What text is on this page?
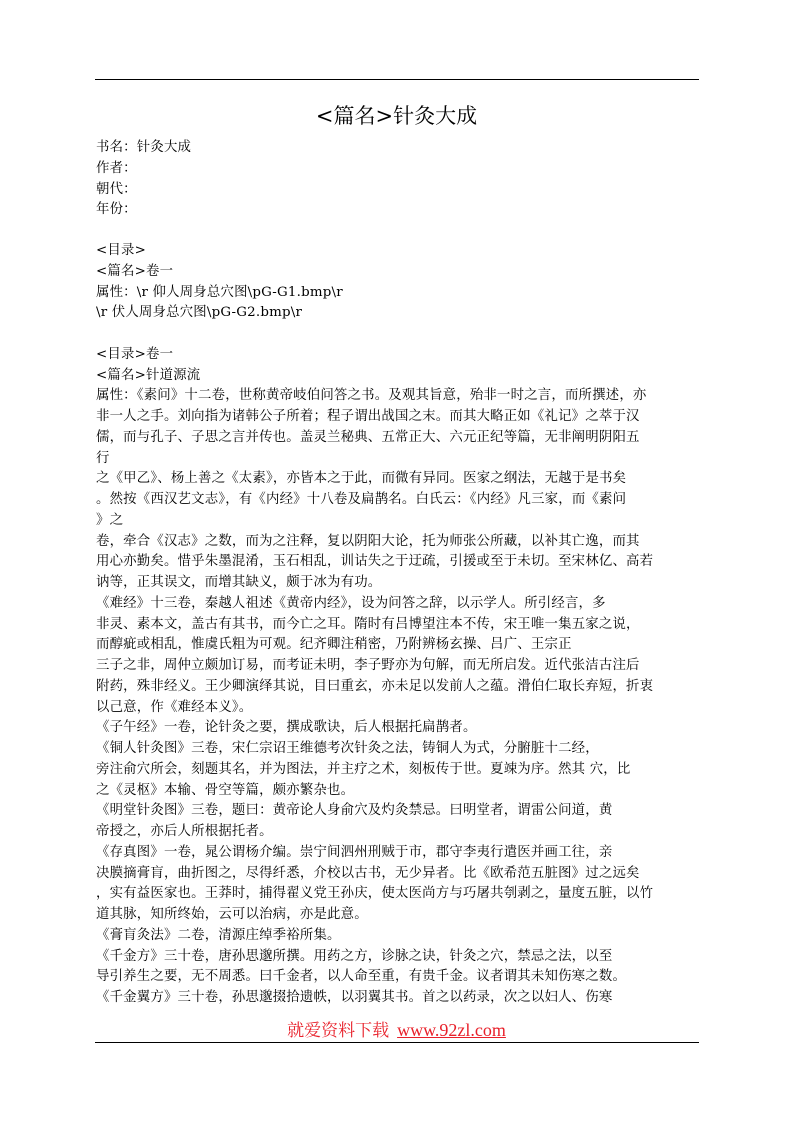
<篇名>针灸大成
书名：针灸大成
作者：
朝代：
年份：
<目录>
<篇名>卷一
属性：\r 仰人周身总穴图\pG-G1.bmp\r
\r 伏人周身总穴图\pG-G2.bmp\r
<目录>卷一
<篇名>针道源流
属性：《素问》十二卷，世称黄帝岐伯问答之书。及观其旨意，殆非一时之言，而所撰述，亦
非一人之手。刘向指为诸韩公子所着；程子谓出战国之末。而其大略正如《礼记》之萃于汉
儒，而与孔子、子思之言并传也。盖灵兰秘典、五常正大、六元正纪等篇，无非阐明阴阳五
行
之《甲乙》、杨上善之《太素》，亦皆本之于此，而微有异同。医家之纲法，无越于是书矣
。然按《西汉艺文志》，有《内经》十八卷及扁鹊名。白氏云：《内经》凡三家，而《素问
》之
卷，牵合《汉志》之数，而为之注释，复以阴阳大论，托为师张公所藏，以补其亡逸，而其
用心亦勤矣。惜乎朱墨混淆，玉石相乱，训诂失之于迂疏，引援或至于未切。至宋林亿、高若
讷等，正其误文，而增其缺义，颇于冰为有功。
《难经》十三卷，秦越人祖述《黄帝内经》，设为问答之辞，以示学人。所引经言，多
非灵、素本文，盖古有其书，而今亡之耳。隋时有吕博望注本不传，宋王唯一集五家之说，
而醇疵或相乱，惟虞氏粗为可观。纪齐卿注稍密，乃附辨杨玄操、吕广、王宗正
三子之非，周仲立颇加订易，而考证未明，李子野亦为句解，而无所启发。近代张洁古注后
附药，殊非经义。王少卿演绎其说，目曰重玄，亦未足以发前人之蕴。滑伯仁取长弃短，折衷
以己意，作《难经本义》。
《子午经》一卷，论针灸之要，撰成歌诀，后人根据托扁鹊者。
《铜人针灸图》三卷，宋仁宗诏王维德考次针灸之法，铸铜人为式，分腑脏十二经，
旁注俞穴所会，刻题其名，并为图法，并主疗之术，刻板传于世。夏竦为序。然其 穴，比
之《灵枢》本输、骨空等篇，颇亦繁杂也。
《明堂针灸图》三卷，题曰：黄帝论人身俞穴及灼灸禁忌。曰明堂者，谓雷公问道，黄
帝授之，亦后人所根据托者。
《存真图》一卷，晁公谓杨介编。崇宁间泗州刑贼于市，郡守李夷行遣医并画工往，亲
决膜摘膏肓，曲折图之，尽得纤悉，介校以古书，无少异者。比《欧希范五脏图》过之远矣
，实有益医家也。王莽时，捕得翟义党王孙庆，使太医尚方与巧屠共刳剥之，量度五脏，以竹
道其脉，知所终始，云可以治病，亦是此意。
《膏肓灸法》二卷，清源庄绰季裕所集。
《千金方》三十卷，唐孙思邈所撰。用药之方，诊脉之诀，针灸之穴，禁忌之法，以至
导引养生之要，无不周悉。曰千金者，以人命至重，有贵千金。议者谓其未知伤寒之数。
《千金翼方》三十卷，孙思邈掇拾遗帙，以羽翼其书。首之以药录，次之以妇人、伤寒
就爱资料下载 www.92zl.com
